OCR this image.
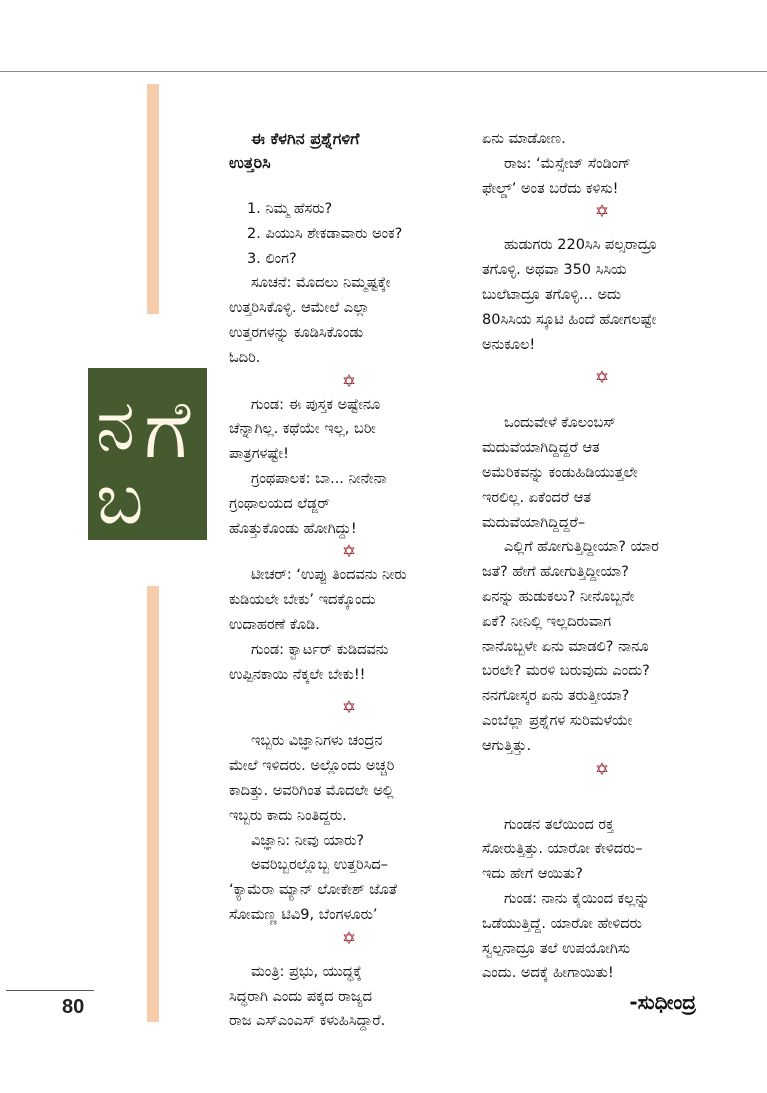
ನ ಗೆ
ಬ

ಈ ಕೆಳಗಿನ ಪ್ರಶ್ನೆಗಳಿಗೆ

ಉತ್ತರಿಸಿ

1. ನಿಮ್ಮ ಹೆಸರು?

2. ಪಿಯುಸಿ ಶೇಕಡಾವಾರು ಅಂಕ?

3. ಲಿಂಗ?

ಸೂಚನೆ: ಮೊದಲು ನಿಮ್ಮಷ್ಟಕ್ಕೇ

ಉತ್ತರಿಸಿಕೊಳ್ಳಿ. ಆಮೇಲೆ ಎಲ್ಲಾ

ಉತ್ತರಗಳನ್ನು ಕೂಡಿಸಿಕೊಂಡು

ಓದಿರಿ.

✡

ಗುಂಡ: ಈ ಪುಸ್ತಕ ಅಷ್ಟೇನೂ

ಚೆನ್ನಾಗಿಲ್ಲ. ಕಥೆಯೇ ಇಲ್ಲ, ಬರೀ

ಪಾತ್ರಗಳಷ್ಟೇ!

ಗ್ರಂಥಪಾಲಕ: ಬಾ... ನೀನೇನಾ

ಗ್ರಂಥಾಲಯದ ಲೆಡ್ಜರ್

ಹೊತ್ತುಕೊಂಡು ಹೋಗಿದ್ದು!

✡

ಟೀಚರ್: ‘ಉಪ್ಪು ತಿಂದವನು ನೀರು

ಕುಡಿಯಲೇ ಬೇಕು’ ಇದಕ್ಕೊಂದು

ಉದಾಹರಣೆ ಕೊಡಿ.

ಗುಂಡ: ಕ್ವಾರ್ಟರ್ ಕುಡಿದವನು

ಉಪ್ಪಿನಕಾಯಿ ನೆಕ್ಕಲೇ ಬೇಕು!!

✡

ಇಬ್ಬರು ವಿಜ್ಞಾನಿಗಳು ಚಂದ್ರನ

ಮೇಲೆ ಇಳಿದರು. ಅಲ್ಲೊಂದು ಅಚ್ಚರಿ

ಕಾದಿತ್ತು. ಅವರಿಗಿಂತ ಮೊದಲೇ ಅಲ್ಲಿ

ಇಬ್ಬರು ಕಾದು ನಿಂತಿದ್ದರು.

ವಿಜ್ಞಾನಿ: ನೀವು ಯಾರು?

ಅವರಿಬ್ಬರಲ್ಲೊಬ್ಬ ಉತ್ತರಿಸಿದ–

‘ಕ್ಯಾಮೆರಾ ಮ್ಯಾನ್ ಲೋಕೇಶ್ ಜೊತೆ

ಸೋಮಣ್ಣ ಟಿವಿ9, ಬೆಂಗಳೂರು’

✡

ಮಂತ್ರಿ: ಪ್ರಭು, ಯುದ್ಧಕ್ಕೆ

ಸಿದ್ಧರಾಗಿ ಎಂದು ಪಕ್ಕದ ರಾಜ್ಯದ

ರಾಜ ಎಸ್‌ಎಂಎಸ್ ಕಳುಹಿಸಿದ್ದಾರೆ.

ಏನು ಮಾಡೋಣ.

ರಾಜ: ‘ಮೆಸ್ಸೇಜ್ ಸೆಂಡಿಂಗ್

ಫೇಲ್ಡ್’ ಅಂತ ಬರೆದು ಕಳಿಸು!

✡

ಹುಡುಗರು 220ಸಿಸಿ ಪಲ್ಸರಾದ್ರೂ

ತಗೊಳ್ಳಿ. ಅಥವಾ 350 ಸಿಸಿಯ

ಬುಲೆಟಾದ್ರೂ ತಗೊಳ್ಳಿ... ಅದು

80ಸಿಸಿಯ ಸ್ಕೂಟಿ ಹಿಂದೆ ಹೋಗಲಷ್ಟೇ

ಅನುಕೂಲ!

✡

ಒಂದುವೇಳೆ ಕೊಲಂಬಸ್

ಮದುವೆಯಾಗಿದ್ದಿದ್ದರೆ ಆತ

ಅಮೆರಿಕವನ್ನು ಕಂಡುಹಿಡಿಯುತ್ತಲೇ

ಇರಲಿಲ್ಲ. ಏಕೆಂದರೆ ಆತ

ಮದುವೆಯಾಗಿದ್ದಿದ್ದರೆ–

ಎಲ್ಲಿಗೆ ಹೋಗುತ್ತಿದ್ದೀಯಾ? ಯಾರ

ಜತೆ? ಹೇಗೆ ಹೋಗುತ್ತಿದ್ದೀಯಾ?

ಏನನ್ನು ಹುಡುಕಲು? ನೀನೊಬ್ಬನೇ

ಏಕೆ? ನೀನಿಲ್ಲಿ ಇಲ್ಲದಿರುವಾಗ

ನಾನೊಬ್ಬಳೇ ಏನು ಮಾಡಲಿ? ನಾನೂ

ಬರಲೇ? ಮರಳಿ ಬರುವುದು ಎಂದು?

ನನಗೋಸ್ಕರ ಏನು ತರುತ್ತೀಯಾ?

ಎಂಬೆಲ್ಲಾ ಪ್ರಶ್ನೆಗಳ ಸುರಿಮಳೆಯೇ

ಆಗುತ್ತಿತ್ತು.

✡

ಗುಂಡನ ತಲೆಯಿಂದ ರಕ್ತ

ಸೋರುತ್ತಿತ್ತು. ಯಾರೋ ಕೇಳಿದರು–

ಇದು ಹೇಗೆ ಆಯಿತು?

ಗುಂಡ: ನಾನು ಕೈಯಿಂದ ಕಲ್ಲನ್ನು

ಒಡೆಯುತ್ತಿದ್ದೆ. ಯಾರೋ ಹೇಳಿದರು

ಸ್ವಲ್ಪನಾದ್ರೂ ತಲೆ ಉಪಯೋಗಿಸು

ಎಂದು. ಅದಕ್ಕೆ ಹೀಗಾಯಿತು!

-ಸುಧೀಂದ್ರ

80
